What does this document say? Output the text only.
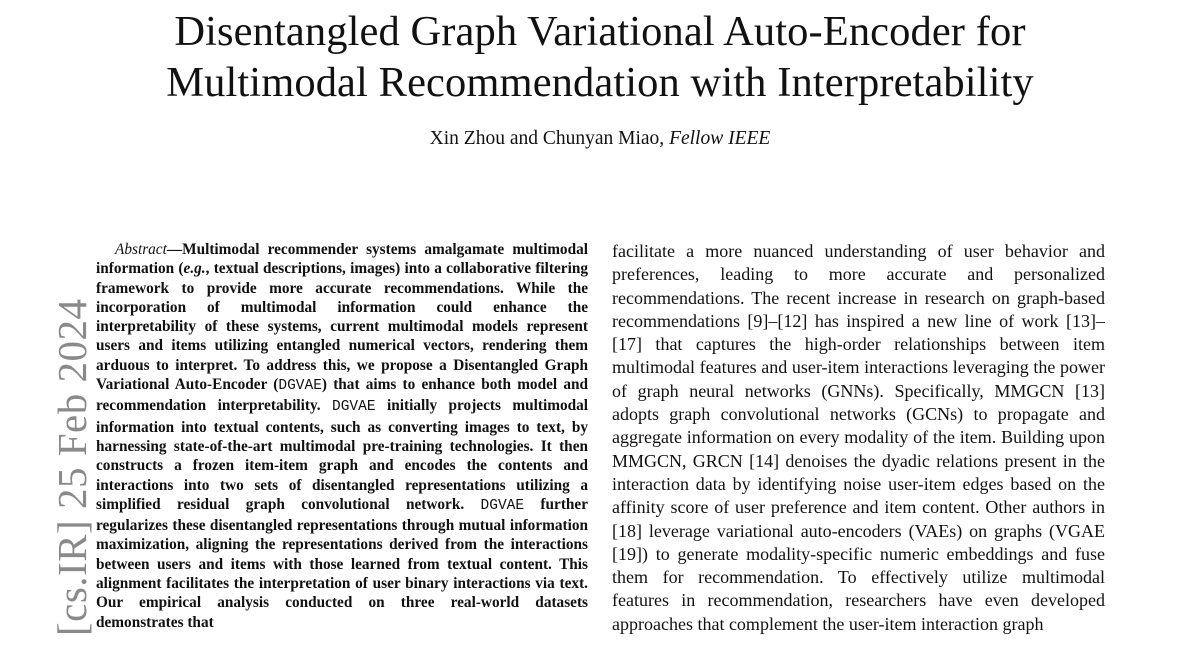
Disentangled Graph Variational Auto-Encoder for
Multimodal Recommendation with Interpretability
Xin Zhou and Chunyan Miao, Fellow IEEE
[cs.IR] 25 Feb 2024

Abstract—Multimodal recommender systems amalgamate multimodal information (e.g., textual descriptions, images) into a collaborative filtering framework to provide more accurate recommendations. While the incorporation of multimodal information could enhance the interpretability of these systems, current multimodal models represent users and items utilizing entangled numerical vectors, rendering them arduous to interpret. To address this, we propose a Disentangled Graph Variational Auto-Encoder (DGVAE) that aims to enhance both model and recommendation interpretability. DGVAE initially projects multimodal information into textual contents, such as converting images to text, by harnessing state-of-the-art multimodal pre-training technologies. It then constructs a frozen item-item graph and encodes the contents and interactions into two sets of disentangled representations utilizing a simplified residual graph convolutional network. DGVAE further regularizes these disentangled representations through mutual information maximization, aligning the representations derived from the interactions between users and items with those learned from textual content. This alignment facilitates the interpretation of user binary interactions via text. Our empirical analysis conducted on three real-world datasets demonstrates that

facilitate a more nuanced understanding of user behavior and preferences, leading to more accurate and personalized recommendations. The recent increase in research on graph-based recommendations [9]–[12] has inspired a new line of work [13]–[17] that captures the high-order relationships between item multimodal features and user-item interactions leveraging the power of graph neural networks (GNNs). Specifically, MMGCN [13] adopts graph convolutional networks (GCNs) to propagate and aggregate information on every modality of the item. Building upon MMGCN, GRCN [14] denoises the dyadic relations present in the interaction data by identifying noise user-item edges based on the affinity score of user preference and item content. Other authors in [18] leverage variational auto-encoders (VAEs) on graphs (VGAE [19]) to generate modality-specific numeric embeddings and fuse them for recommendation. To effectively utilize multimodal features in recommendation, researchers have even developed approaches that complement the user-item interaction graph
